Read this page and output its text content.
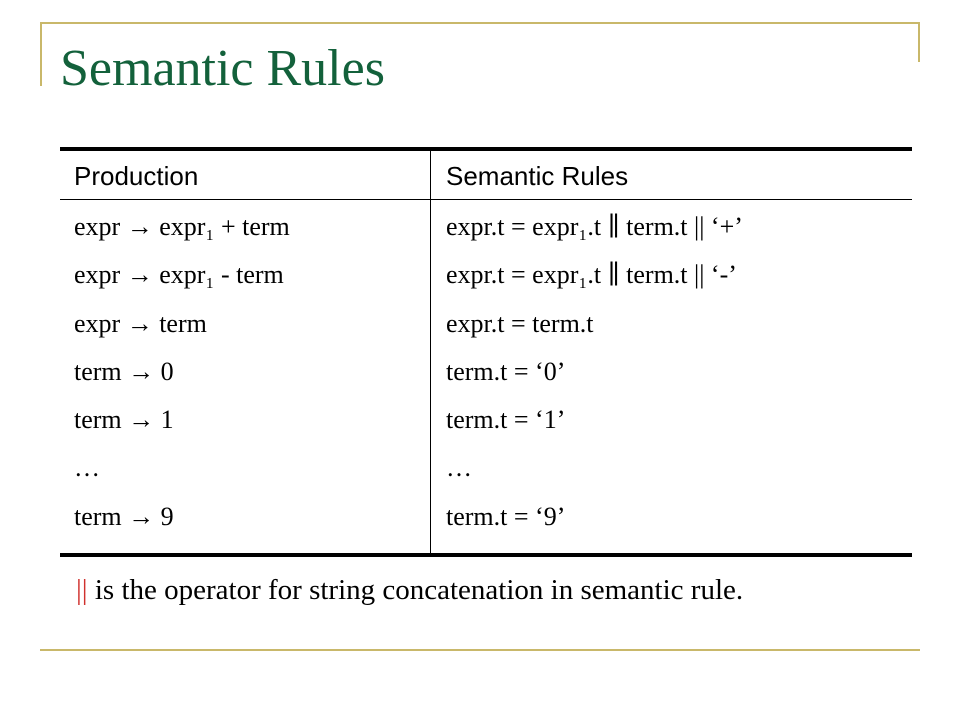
Semantic Rules
Production	Semantic Rules
expr → expr₁ + term
expr → expr₁ - term
expr → term
term → 0
term → 1
…
term → 9
expr.t = expr₁.t ∥ term.t || ‘+’
expr.t = expr₁.t ∥ term.t || ‘-’
expr.t = term.t
term.t = ‘0’
term.t = ‘1’
…
term.t = ‘9’
|| is the operator for string concatenation in semantic rule.
